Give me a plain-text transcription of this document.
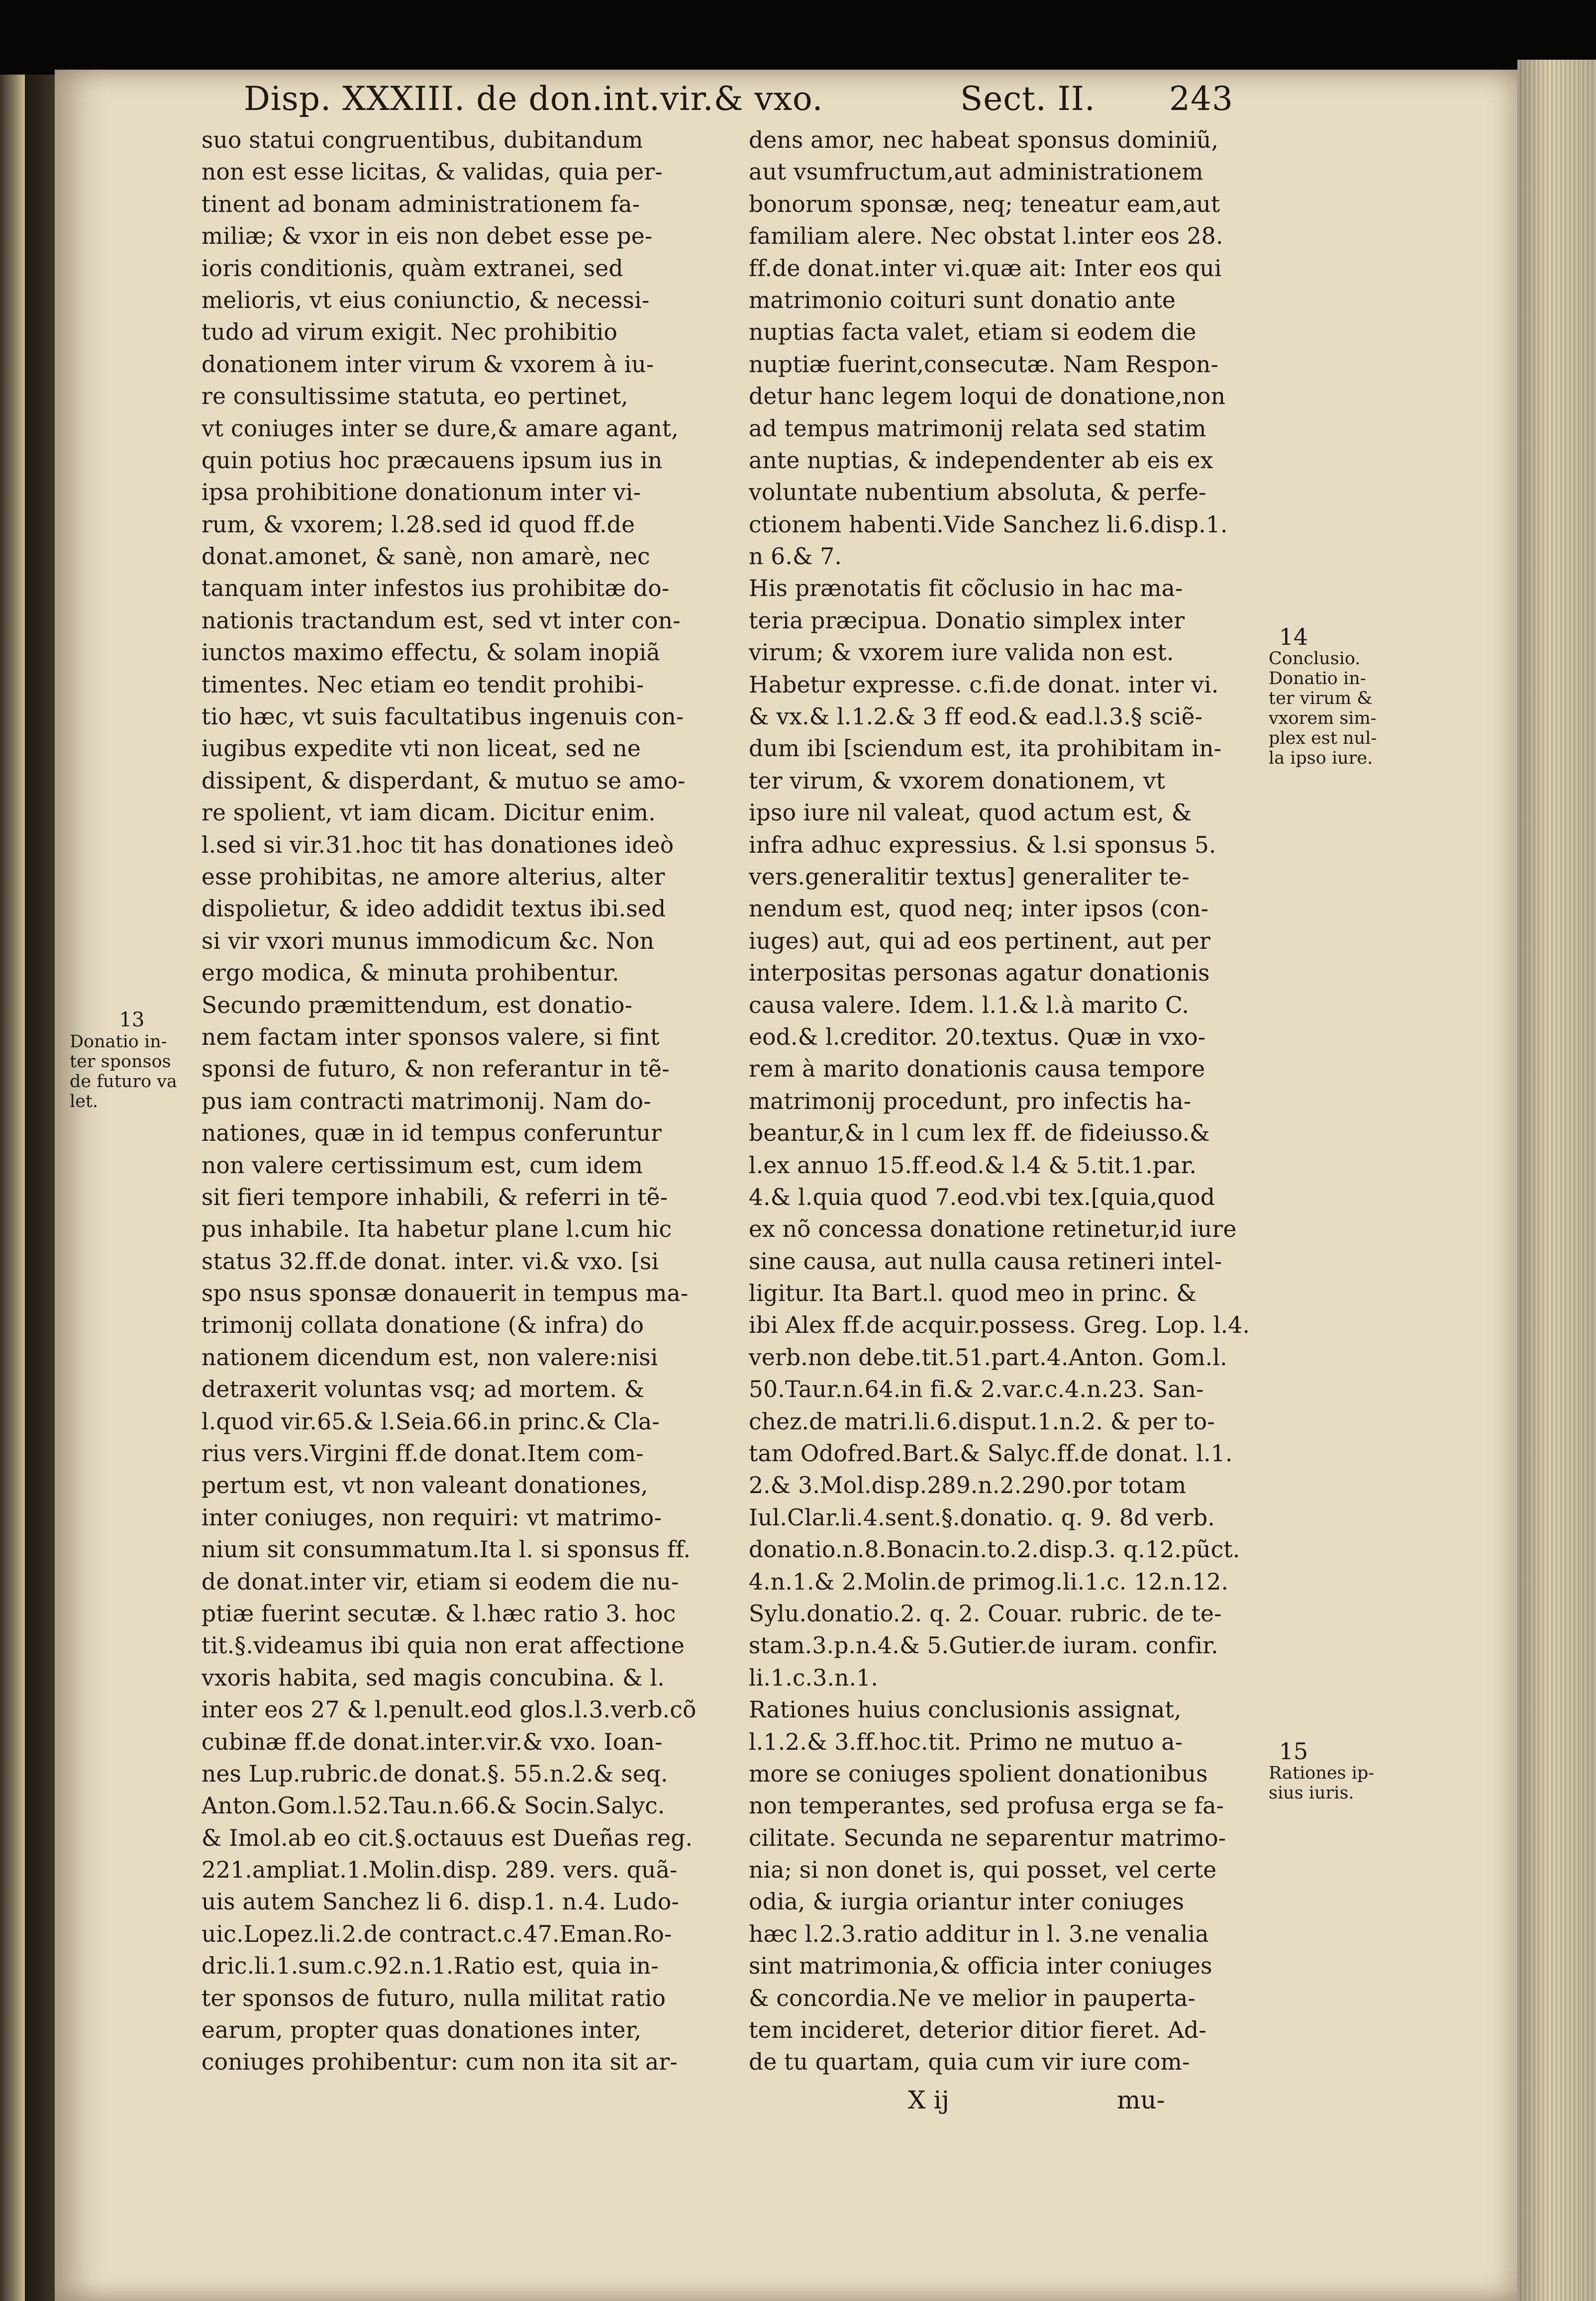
Disp. XXXIII. de don.int.vir.& vxo.	Sect. II. 243
suo statui congruentibus, dubitandum
non est esse licitas, & validas, quia per-
tinent ad bonam administrationem fa-
miliæ; & vxor in eis non debet esse pe-
ioris conditionis, quàm extranei, sed
melioris, vt eius coniunctio, & necessi-
tudo ad virum exigit. Nec prohibitio
donationem inter virum & vxorem à iu-
re consultissime statuta, eo pertinet,
vt coniuges inter se dure,& amare agant,
quin potius hoc præcauens ipsum ius in
ipsa prohibitione donationum inter vi-
rum, & vxorem; l.28.sed id quod ff.de
donat.amonet, & sanè, non amarè, nec
tanquam inter infestos ius prohibitæ do-
nationis tractandum est, sed vt inter con-
iunctos maximo effectu, & solam inopiã
timentes. Nec etiam eo tendit prohibi-
tio hæc, vt suis facultatibus ingenuis con-
iugibus expedite vti non liceat, sed ne
dissipent, & disperdant, & mutuo se amo-
re spolient, vt iam dicam. Dicitur enim.
l.sed si vir.31.hoc tit has donationes ideò
esse prohibitas, ne amore alterius, alter
dispolietur, & ideo addidit textus ibi.sed
si vir vxori munus immodicum &c. Non
ergo modica, & minuta prohibentur.
Secundo præmittendum, est donatio-
nem factam inter sponsos valere, si fint
sponsi de futuro, & non referantur in tẽ-
pus iam contracti matrimonij. Nam do-
nationes, quæ in id tempus conferuntur
non valere certissimum est, cum idem
sit fieri tempore inhabili, & referri in tẽ-
pus inhabile. Ita habetur plane l.cum hic
status 32.ff.de donat. inter. vi.& vxo. [si
spo nsus sponsæ donauerit in tempus ma-
trimonij collata donatione (& infra) do
nationem dicendum est, non valere:nisi
detraxerit voluntas vsq; ad mortem. &
l.quod vir.65.& l.Seia.66.in princ.& Cla-
rius vers.Virgini ff.de donat.Item com-
pertum est, vt non valeant donationes,
inter coniuges, non requiri: vt matrimo-
nium sit consummatum.Ita l. si sponsus ff.
de donat.inter vir, etiam si eodem die nu-
ptiæ fuerint secutæ. & l.hæc ratio 3. hoc
tit.§.videamus ibi quia non erat affectione
vxoris habita, sed magis concubina. & l.
inter eos 27 & l.penult.eod glos.l.3.verb.cõ
cubinæ ff.de donat.inter.vir.& vxo. Ioan-
nes Lup.rubric.de donat.§. 55.n.2.& seq.
Anton.Gom.l.52.Tau.n.66.& Socin.Salyc.
& Imol.ab eo cit.§.octauus est Dueñas reg.
221.ampliat.1.Molin.disp. 289. vers. quã-
uis autem Sanchez li 6. disp.1. n.4. Ludo-
uic.Lopez.li.2.de contract.c.47.Eman.Ro-
dric.li.1.sum.c.92.n.1.Ratio est, quia in-
ter sponsos de futuro, nulla militat ratio
earum, propter quas donationes inter,
coniuges prohibentur: cum non ita sit ar-
dens amor, nec habeat sponsus dominiũ,
aut vsumfructum,aut administrationem
bonorum sponsæ, neq; teneatur eam,aut
familiam alere. Nec obstat l.inter eos 28.
ff.de donat.inter vi.quæ ait: Inter eos qui
matrimonio coituri sunt donatio ante
nuptias facta valet, etiam si eodem die
nuptiæ fuerint,consecutæ. Nam Respon-
detur hanc legem loqui de donatione,non
ad tempus matrimonij relata sed statim
ante nuptias, & independenter ab eis ex
voluntate nubentium absoluta, & perfe-
ctionem habenti.Vide Sanchez li.6.disp.1.
n 6.& 7.
His prænotatis fit cõclusio in hac ma-
teria præcipua. Donatio simplex inter
virum; & vxorem iure valida non est.
Habetur expresse. c.fi.de donat. inter vi.
& vx.& l.1.2.& 3 ff eod.& ead.l.3.§ sciẽ-
dum ibi [sciendum est, ita prohibitam in-
ter virum, & vxorem donationem, vt
ipso iure nil valeat, quod actum est, &
infra adhuc expressius. & l.si sponsus 5.
vers.generalitir textus] generaliter te-
nendum est, quod neq; inter ipsos (con-
iuges) aut, qui ad eos pertinent, aut per
interpositas personas agatur donationis
causa valere. Idem. l.1.& l.à marito C.
eod.& l.creditor. 20.textus. Quæ in vxo-
rem à marito donationis causa tempore
matrimonij procedunt, pro infectis ha-
beantur,& in l cum lex ff. de fideiusso.&
l.ex annuo 15.ff.eod.& l.4 & 5.tit.1.par.
4.& l.quia quod 7.eod.vbi tex.[quia,quod
ex nõ concessa donatione retinetur,id iure
sine causa, aut nulla causa retineri intel-
ligitur. Ita Bart.l. quod meo in princ. &
ibi Alex ff.de acquir.possess. Greg. Lop. l.4.
verb.non debe.tit.51.part.4.Anton. Gom.l.
50.Taur.n.64.in fi.& 2.var.c.4.n.23. San-
chez.de matri.li.6.disput.1.n.2. & per to-
tam Odofred.Bart.& Salyc.ff.de donat. l.1.
2.& 3.Mol.disp.289.n.2.290.por totam
Iul.Clar.li.4.sent.§.donatio. q. 9. 8d verb.
donatio.n.8.Bonacin.to.2.disp.3. q.12.pũct.
4.n.1.& 2.Molin.de primog.li.1.c. 12.n.12.
Sylu.donatio.2. q. 2. Couar. rubric. de te-
stam.3.p.n.4.& 5.Gutier.de iuram. confir.
li.1.c.3.n.1.
Rationes huius conclusionis assignat,
l.1.2.& 3.ff.hoc.tit. Primo ne mutuo a-
more se coniuges spolient donationibus
non temperantes, sed profusa erga se fa-
cilitate. Secunda ne separentur matrimo-
nia; si non donet is, qui posset, vel certe
odia, & iurgia oriantur inter coniuges
hæc l.2.3.ratio additur in l. 3.ne venalia
sint matrimonia,& officia inter coniuges
& concordia.Ne ve melior in pauperta-
tem incideret, deterior ditior fieret. Ad-
de tu quartam, quia cum vir iure com-
13
Donatio in-
ter sponsos
de futuro va
let.
14
Conclusio.
Donatio in-
ter virum &
vxorem sim-
plex est nul-
la ipso iure.
15
Rationes ip-
sius iuris.
X ij	mu-
